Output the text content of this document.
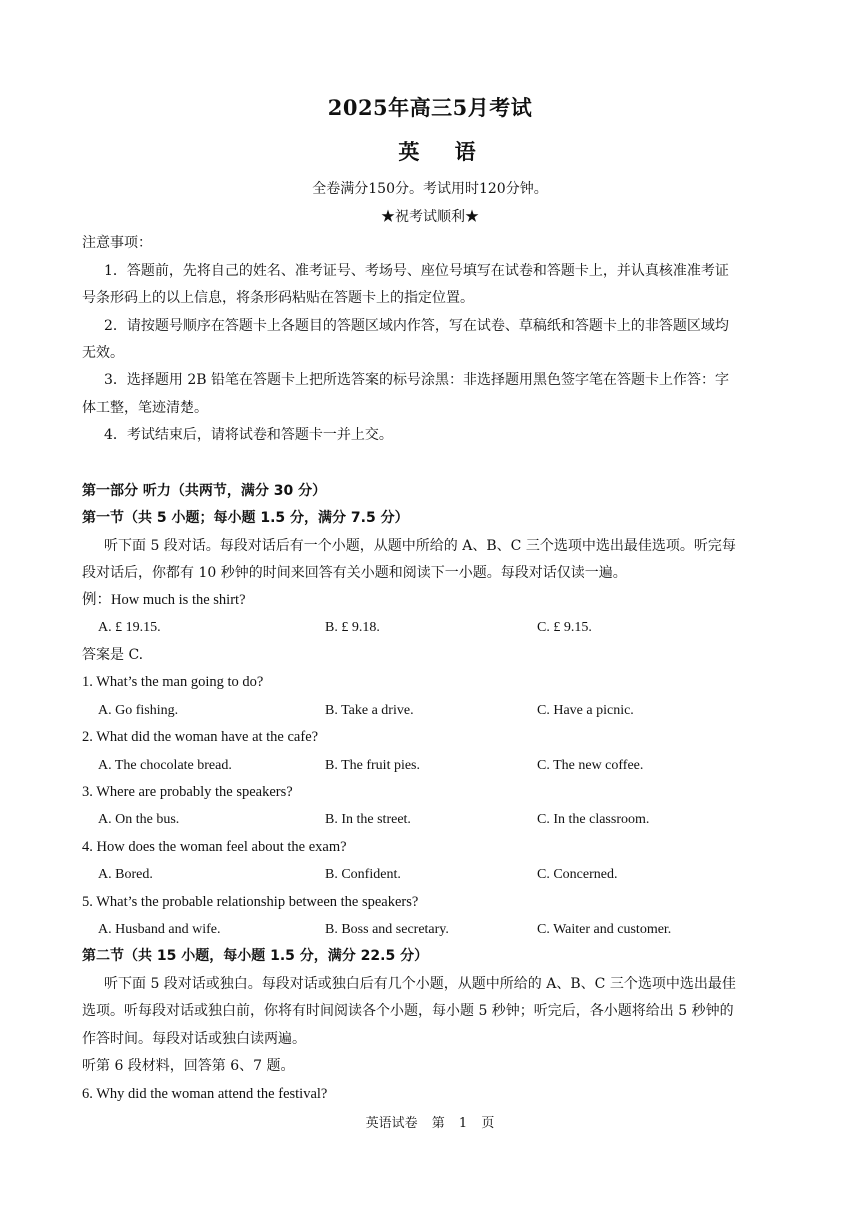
2025年高三5月考试
英 语
全卷满分150分。考试用时120分钟。
★祝考试顺利★
注意事项：
1．答题前，先将自己的姓名、准考证号、考场号、座位号填写在试卷和答题卡上，并认真核准准考证
号条形码上的以上信息，将条形码粘贴在答题卡上的指定位置。
2．请按题号顺序在答题卡上各题目的答题区域内作答，写在试卷、草稿纸和答题卡上的非答题区域均
无效。
3．选择题用 2B 铅笔在答题卡上把所选答案的标号涂黑：非选择题用黑色签字笔在答题卡上作答：字
体工整，笔迹清楚。
4．考试结束后，请将试卷和答题卡一并上交。
第一部分 听力（共两节，满分 30 分）
第一节（共 5 小题；每小题 1.5 分，满分 7.5 分）
听下面 5 段对话。每段对话后有一个小题，从题中所给的 A、B、C 三个选项中选出最佳选项。听完每
段对话后，你都有 10 秒钟的时间来回答有关小题和阅读下一小题。每段对话仅读一遍。
例：How much is the shirt?
A. £ 19.15.	B. £ 9.18.	C. £ 9.15.
答案是 C.
1. What’s the man going to do?
A. Go fishing.	B. Take a drive.	C. Have a picnic.
2. What did the woman have at the cafe?
A. The chocolate bread.	B. The fruit pies.	C. The new coffee.
3. Where are probably the speakers?
A. On the bus.	B. In the street.	C. In the classroom.
4. How does the woman feel about the exam?
A. Bored.	B. Confident.	C. Concerned.
5. What’s the probable relationship between the speakers?
A. Husband and wife.	B. Boss and secretary.	C. Waiter and customer.
第二节（共 15 小题，每小题 1.5 分，满分 22.5 分）
听下面 5 段对话或独白。每段对话或独白后有几个小题，从题中所给的 A、B、C 三个选项中选出最佳
选项。听每段对话或独白前，你将有时间阅读各个小题，每小题 5 秒钟；听完后，各小题将给出 5 秒钟的
作答时间。每段对话或独白读两遍。
听第 6 段材料，回答第 6、7 题。
6. Why did the woman attend the festival?
英语试卷 第 1 页
